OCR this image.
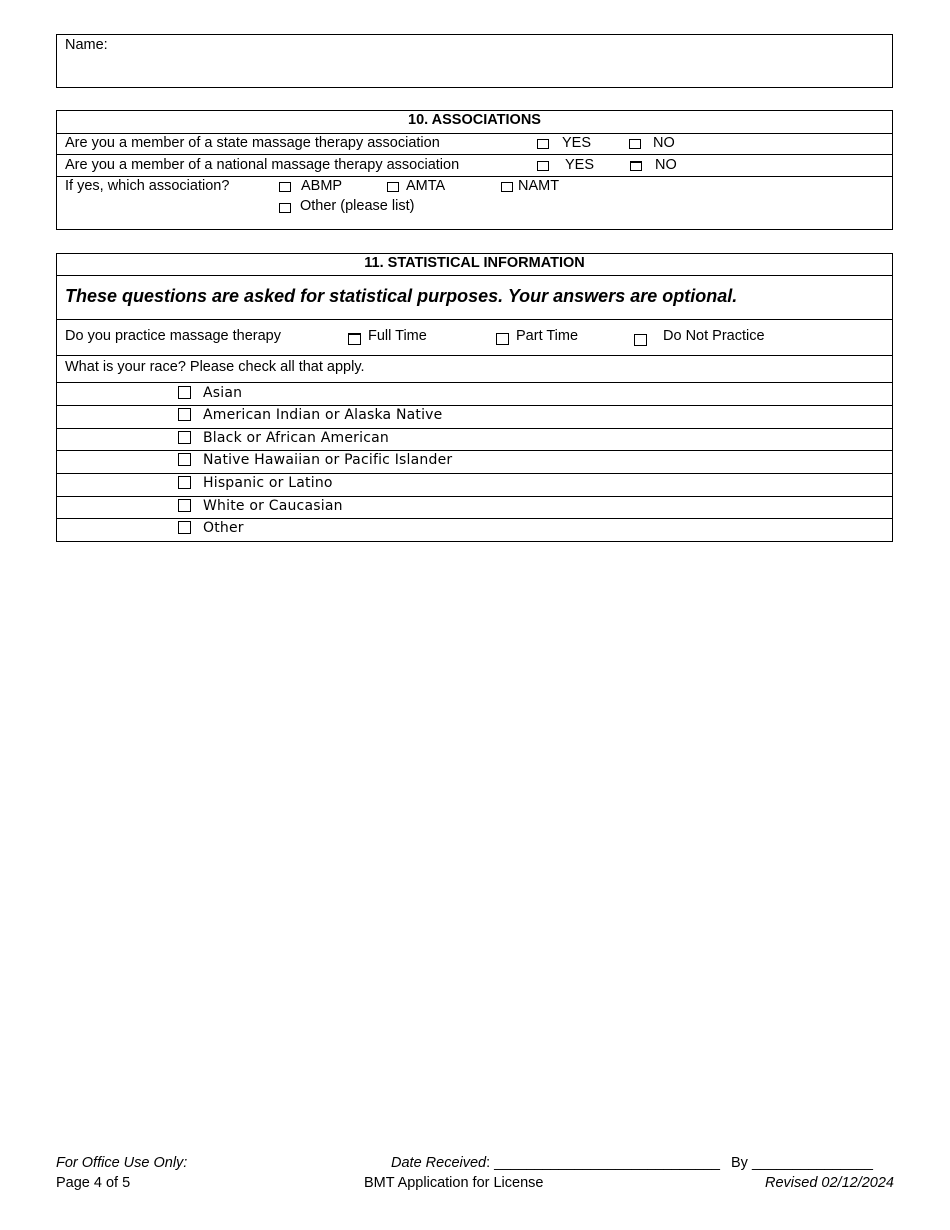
Name:
10. ASSOCIATIONS
Are you a member of a state massage therapy association	YES	NO
Are you a member of a national massage therapy association	YES	NO
If yes, which association?	ABMP	AMTA	NAMT
Other (please list)
11. STATISTICAL INFORMATION
These questions are asked for statistical purposes. Your answers are optional.
Do you practice massage therapy	Full Time	Part Time	Do Not Practice
What is your race? Please check all that apply.
Asian
American Indian or Alaska Native
Black or African American
Native Hawaiian or Pacific Islander
Hispanic or Latino
White or Caucasian
Other
For Office Use Only:	Date Received: ____________________________ By _______________
Page 4 of 5	BMT Application for License	Revised 02/12/2024
